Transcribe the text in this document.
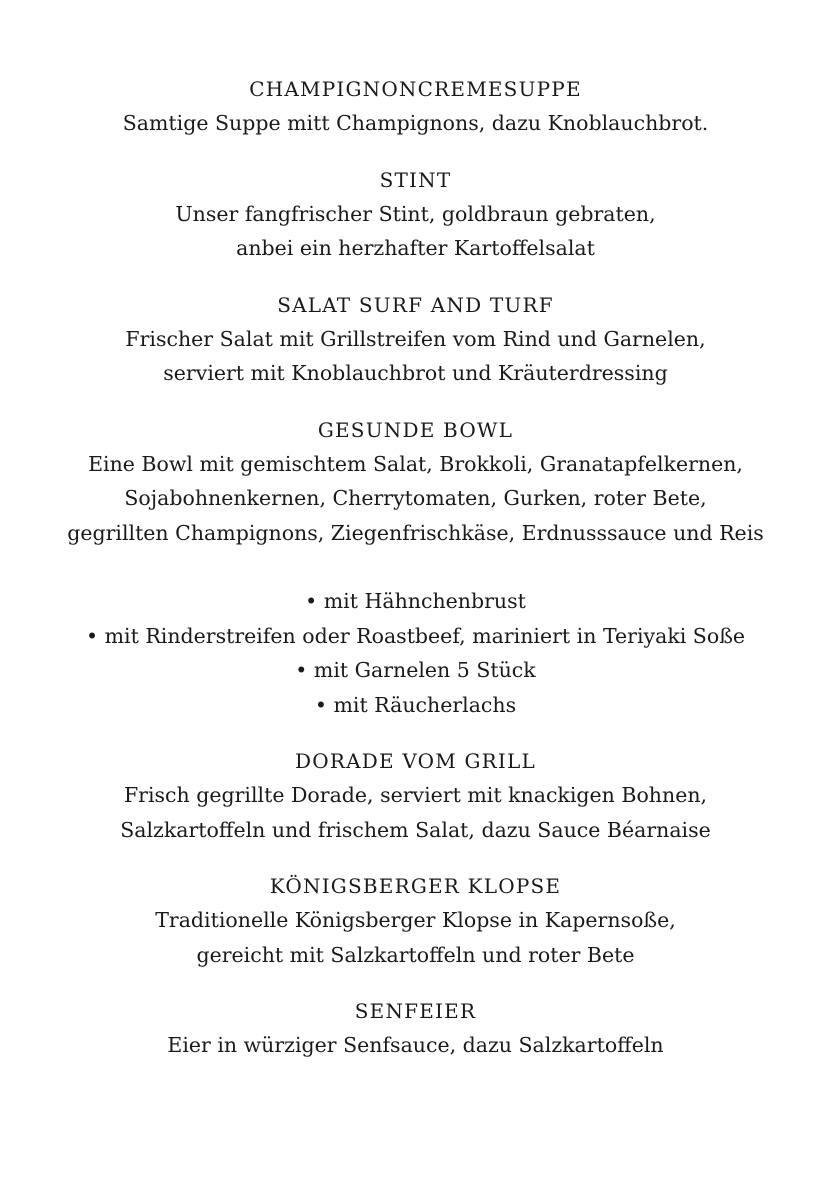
CHAMPIGNONCREMESUPPE
Samtige Suppe mitt Champignons, dazu Knoblauchbrot.
STINT
Unser fangfrischer Stint, goldbraun gebraten,
anbei ein herzhafter Kartoffelsalat
SALAT SURF AND TURF
Frischer Salat mit Grillstreifen vom Rind und Garnelen,
serviert mit Knoblauchbrot und Kräuterdressing
GESUNDE BOWL
Eine Bowl mit gemischtem Salat, Brokkoli, Granatapfelkernen,
Sojabohnenkernen, Cherrytomaten, Gurken, roter Bete,
gegrillten Champignons, Ziegenfrischkäse, Erdnusssauce und Reis
• mit Hähnchenbrust
• mit Rinderstreifen oder Roastbeef, mariniert in Teriyaki Soße
• mit Garnelen 5 Stück
• mit Räucherlachs
DORADE VOM GRILL
Frisch gegrillte Dorade, serviert mit knackigen Bohnen,
Salzkartoffeln und frischem Salat, dazu Sauce Béarnaise
KÖNIGSBERGER KLOPSE
Traditionelle Königsberger Klopse in Kapernsoße,
gereicht mit Salzkartoffeln und roter Bete
SENFEIER
Eier in würziger Senfsauce, dazu Salzkartoffeln
